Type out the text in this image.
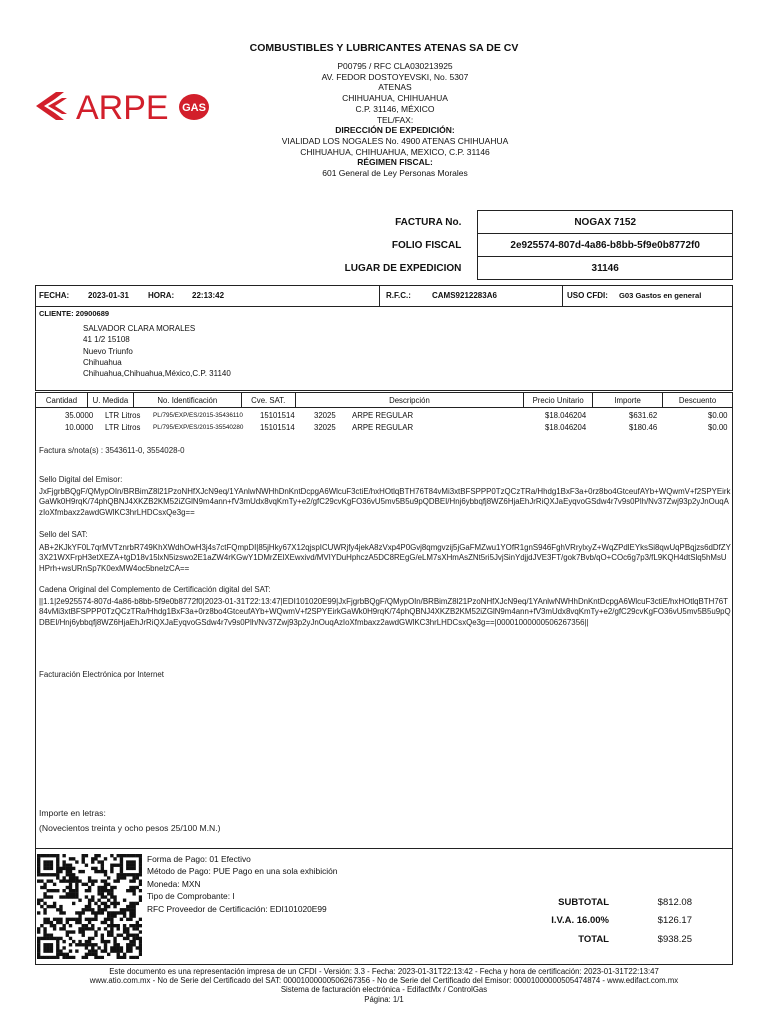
COMBUSTIBLES Y LUBRICANTES ATENAS SA DE CV
P00795 / RFC CLA030213925
AV. FEDOR DOSTOYEVSKI, No. 5307
ATENAS
CHIHUAHUA, CHIHUAHUA
C.P. 31146, MÉXICO
TEL/FAX:
DIRECCIÓN DE EXPEDICIÓN:
VIALIDAD LOS NOGALES No. 4900 ATENAS CHIHUAHUA
CHIHUAHUA, CHIHUAHUA, MEXICO, C.P. 31146
RÉGIMEN FISCAL:
601 General de Ley Personas Morales
ARPE GAS
FACTURA No.	NOGAX 7152
FOLIO FISCAL	2e925574-807d-4a86-b8bb-5f9e0b8772f0
LUGAR DE EXPEDICION	31146
FECHA: 2023-01-31 HORA: 22:13:42	R.F.C.:	CAMS9212283A6	USO CFDI: G03 Gastos en general
CLIENTE: 20900689
SALVADOR CLARA MORALES
41 1/2 15108
Nuevo Triunfo
Chihuahua
Chihuahua,Chihuahua,México,C.P. 31140
Cantidad	U. Medida	No. Identificación	Cve. SAT.	Descripción	Precio Unitario	Importe	Descuento
35.0000 LTR Litros PL/795/EXP/ES/2015-35436110 15101514 32025 ARPE REGULAR	$18.046204	$631.62	$0.00
10.0000 LTR Litros PL/795/EXP/ES/2015-35540280 15101514 32025 ARPE REGULAR	$18.046204	$180.46	$0.00
Factura s/nota(s) : 3543611-0, 3554028-0
Sello Digital del Emisor:
JxFjgrbBQgF/QMypOIn/BRBimZ8l21PzoNHfXJcN9eq/1YAnlwNWHhDnKntDcpgA6WlcuF3ctiE/hxHOtlqBTH76T84vMi3xtBFSPPP0TzQCzTRa/Hhdg1BxF3a+0rz8bo4GtceufAYb+WQwmV+f2SPYEirkGaWk0H9rqK/74phQBNJ4XKZB2KM52iZGlN9m4ann+fV3mUdx8vqKmTy+e2/gfC29cvKgFO36vU5mv5B5u9pQDBEI/Hnj6ybbqfj8WZ6HjaEhJrRiQXJaEyqvoGSdw4r7v9s0Plh/Nv37Zwj93p2yJnOuqAzIoXfmbaxz2awdGWlKC3hrLHDCsxQe3g==
Sello del SAT:
AB+2KJkYF0L7qrMVTznrbR749KhXWdhOwH3j4s7ctFQmpDI|85jHky67X12qjspICUWRjfy4jekA8zVxp4P0Gvj8qmgvzij5jGaFMZwu1YOfR1gnS946FghVRrylxyZ+WqZPdlEYksSi8qwUqPBqjzs6dDfZY3X21WXFrpH3etXEZA+tgD18v15lxN5izswo2E1aZW4rKGwY1DMrZElXEwxivd/MVIYDuHphczA5DC8REgG/eLM7sXHmAsZNt5ri5JvjSinYdjjdJVE3FT/gok7Bvb/qO+COc6g7p3/fL9KQH4dtSlq5hMsUHPrh+wsURnSp7K0exMW4oc5bnelzCA==
Cadena Original del Complemento de Certificación digital del SAT:
||1.1|2e925574-807d-4a86-b8bb-5f9e0b8772f0|2023-01-31T22:13:47|EDI101020E99|JxFjgrbBQgF/QMypOIn/BRBimZ8l21PzoNHfXJcN9eq/1YAnlwNWHhDnKntDcpgA6WlcuF3ctiE/hxHOtlqBTH76T84vMi3xtBFSPPP0TzQCzTRa/Hhdg1BxF3a+0rz8bo4GtceufAYb+WQwmV+f2SPYEirkGaWk0H9rqK/74phQBNJ4XKZB2KM52iZGlN9m4ann+fV3mUdx8vqKmTy+e2/gfC29cvKgFO36vU5mv5B5u9pQDBEI/Hnj6ybbqfj8WZ6HjaEhJrRiQXJaEyqvoGSdw4r7v9s0Plh/Nv37Zwj93p2yJnOuqAzIoXfmbaxz2awdGWlKC3hrLHDCsxQe3g==|00001000000506267356||
Facturación Electrónica por Internet
Importe en letras:
(Novecientos treinta y ocho pesos 25/100 M.N.)
Forma de Pago: 01 Efectivo
Método de Pago: PUE Pago en una sola exhibición
Moneda: MXN
Tipo de Comprobante: I
RFC Proveedor de Certificación: EDI101020E99
SUBTOTAL	$812.08
I.V.A. 16.00%	$126.17
TOTAL	$938.25
Este documento es una representación impresa de un CFDI - Versión: 3.3 - Fecha: 2023-01-31T22:13:42 - Fecha y hora de certificación: 2023-01-31T22:13:47
www.atio.com.mx - No de Serie del Certificado del SAT: 00001000000506267356 - No de Serie del Certificado del Emisor: 00001000000505474874 - www.edifact.com.mx
Sistema de facturación electrónica - EdifactMx / ControlGas
Página: 1/1
